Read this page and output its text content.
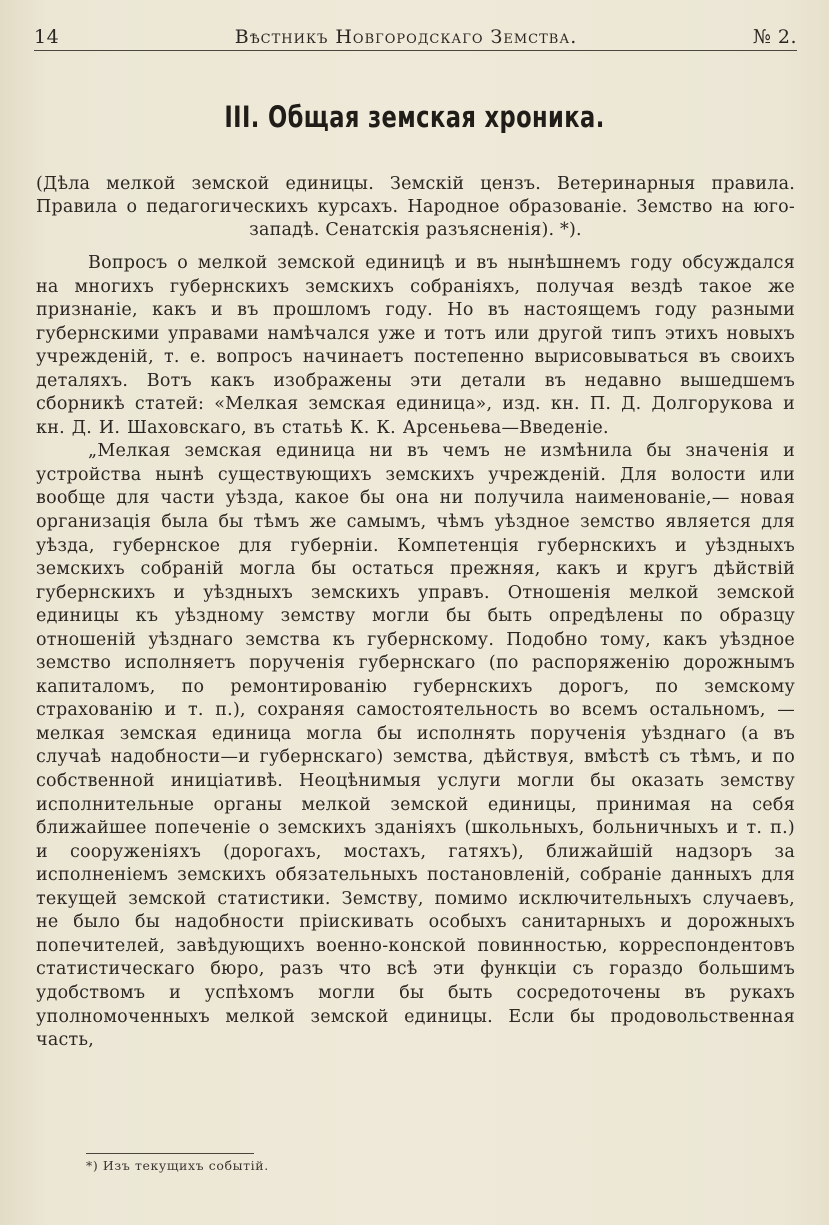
14	Вѣстникъ Новгородскаго Земства.	№ 2.
III. Общая земская хроника.
(Дѣла мелкой земской единицы. Земскій цензъ. Ветеринарныя правила. Правила о педагогическихъ курсахъ. Народное образованіе. Земство на юго-западѣ. Сенатскія разъясненія). *).

Вопросъ о мелкой земской единицѣ и въ нынѣшнемъ году обсуждался на многихъ губернскихъ земскихъ собраніяхъ, получая вездѣ такое же признаніе, какъ и въ прошломъ году. Но въ настоящемъ году разными губернскими управами намѣчался уже и тотъ или другой типъ этихъ новыхъ учрежденій, т. е. вопросъ начинаетъ постепенно вырисовываться въ своихъ деталяхъ. Вотъ какъ изображены эти детали въ недавно вышедшемъ сборникѣ статей: «Мелкая земская единица», изд. кн. П. Д. Долгорукова и кн. Д. И. Шаховскаго, въ статьѣ К. К. Арсеньева—Введеніе.

„Мелкая земская единица ни въ чемъ не измѣнила бы значенія и устройства нынѣ существующихъ земскихъ учрежденій. Для волости или вообще для части уѣзда, какое бы она ни получила наименованіе,— новая организація была бы тѣмъ же самымъ, чѣмъ уѣздное земство является для уѣзда, губернское для губерніи. Компетенція губернскихъ и уѣздныхъ земскихъ собраній могла бы остаться прежняя, какъ и кругъ дѣйствій губернскихъ и уѣздныхъ земскихъ управъ. Отношенія мелкой земской единицы къ уѣздному земству могли бы быть опредѣлены по образцу отношеній уѣзднаго земства къ губернскому. Подобно тому, какъ уѣздное земство исполняетъ порученія губернскаго (по распоряженію дорожнымъ капиталомъ, по ремонтированію губернскихъ дорогъ, по земскому страхованію и т. п.), сохраняя самостоятельность во всемъ остальномъ, — мелкая земская единица могла бы исполнять порученія уѣзднаго (а въ случаѣ надобности—и губернскаго) земства, дѣйствуя, вмѣстѣ съ тѣмъ, и по собственной иниціативѣ. Неоцѣнимыя услуги могли бы оказать земству исполнительные органы мелкой земской единицы, принимая на себя ближайшее попеченіе о земскихъ зданіяхъ (школьныхъ, больничныхъ и т. п.) и сооруженіяхъ (дорогахъ, мостахъ, гатяхъ), ближайшій надзоръ за исполненіемъ земскихъ обязательныхъ постановленій, собраніе данныхъ для текущей земской статистики. Земству, помимо исключительныхъ случаевъ, не было бы надобности пріискивать особыхъ санитарныхъ и дорожныхъ попечителей, завѣдующихъ военно-конской повинностью, корреспондентовъ статистическаго бюро, разъ что всѣ эти функціи съ гораздо большимъ удобствомъ и успѣхомъ могли бы быть сосредоточены въ рукахъ уполномоченныхъ мелкой земской единицы. Если бы продовольственная часть,

*) Изъ текущихъ событій.
